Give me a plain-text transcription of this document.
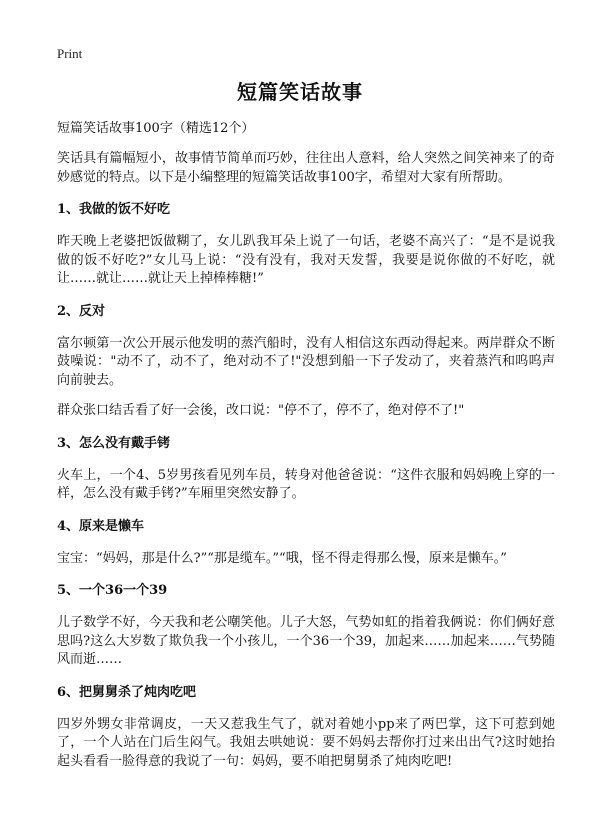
Print
短篇笑话故事
短篇笑话故事100字（精选12个）
笑话具有篇幅短小，故事情节简单而巧妙，往往出人意料，给人突然之间笑神来了的奇妙感觉的特点。以下是小编整理的短篇笑话故事100字，希望对大家有所帮助。
1、我做的饭不好吃
昨天晚上老婆把饭做糊了，女儿趴我耳朵上说了一句话，老婆不高兴了：“是不是说我做的饭不好吃?”女儿马上说：“没有没有，我对天发誓，我要是说你做的不好吃，就让……就让……就让天上掉棒棒糖!”
2、反对
富尔顿第一次公开展示他发明的蒸汽船时，没有人相信这东西动得起来。两岸群众不断鼓噪说："动不了，动不了，绝对动不了!"没想到船一下子发动了，夹着蒸汽和呜呜声向前驶去。
群众张口结舌看了好一会後，改口说："停不了，停不了，绝对停不了!"
3、怎么没有戴手铐
火车上，一个4、5岁男孩看见列车员，转身对他爸爸说：“这件衣服和妈妈晚上穿的一样，怎么没有戴手铐?”车厢里突然安静了。
4、原来是懒车
宝宝：“妈妈，那是什么?”“那是缆车。”“哦，怪不得走得那么慢，原来是懒车。”
5、一个36一个39
儿子数学不好，今天我和老公嘲笑他。儿子大怒，气势如虹的指着我俩说：你们俩好意思吗?这么大岁数了欺负我一个小孩儿，一个36一个39，加起来……加起来……气势随风而逝……
6、把舅舅杀了炖肉吃吧
四岁外甥女非常调皮，一天又惹我生气了，就对着她小pp来了两巴掌，这下可惹到她了，一个人站在门后生闷气。我姐去哄她说：要不妈妈去帮你打过来出出气?这时她抬起头看看一脸得意的我说了一句：妈妈，要不咱把舅舅杀了炖肉吃吧!
